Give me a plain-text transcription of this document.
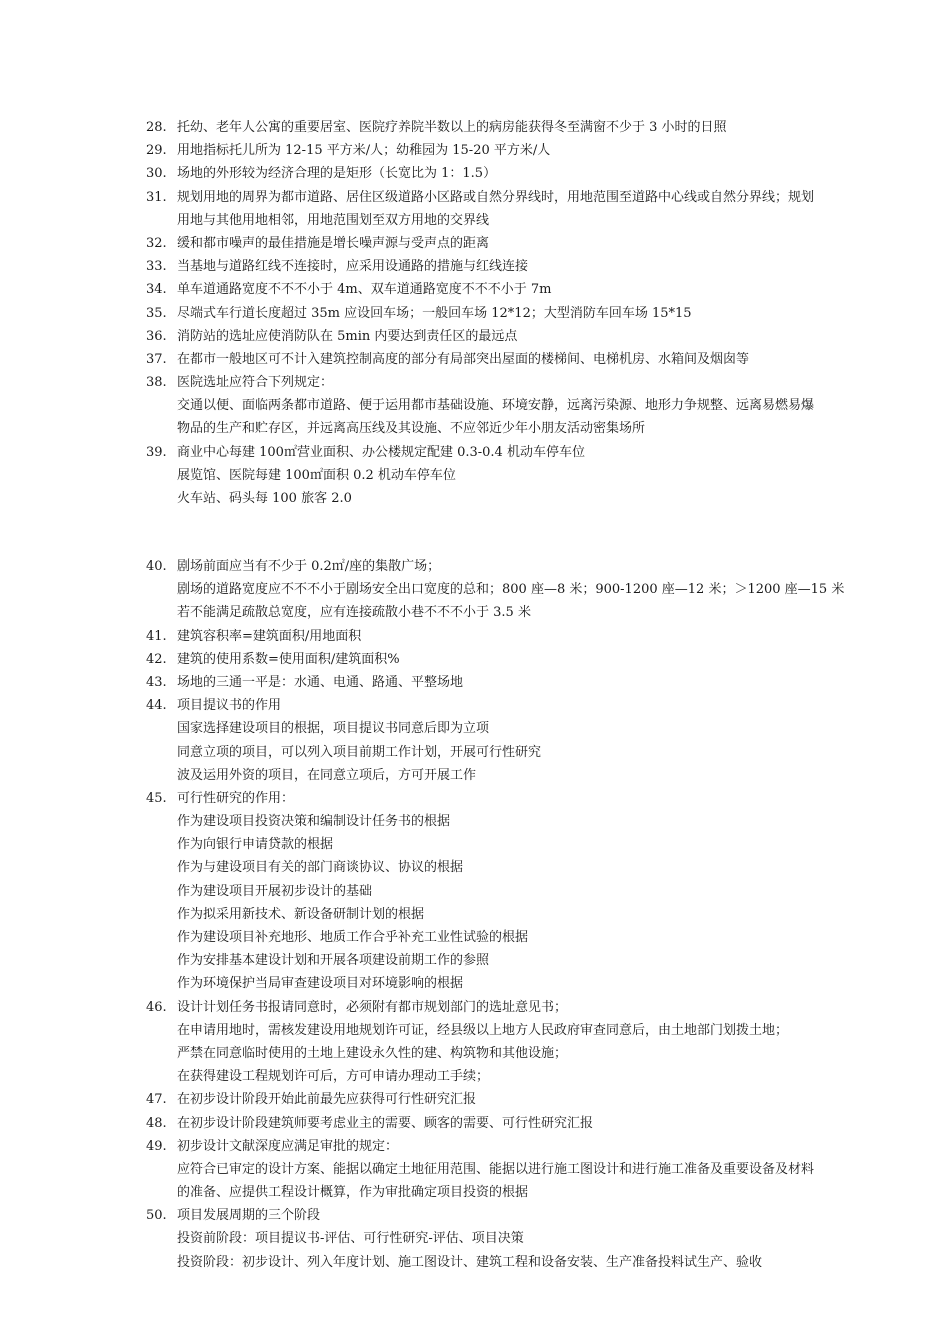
28. 托幼、老年人公寓的重要居室、医院疗养院半数以上的病房能获得冬至满窗不少于 3 小时的日照
29. 用地指标托儿所为 12-15 平方米/人；幼稚园为 15-20 平方米/人
30. 场地的外形较为经济合理的是矩形（长宽比为 1：1.5）
31. 规划用地的周界为都市道路、居住区级道路小区路或自然分界线时，用地范围至道路中心线或自然分界线；规划
用地与其他用地相邻，用地范围划至双方用地的交界线
32. 缓和都市噪声的最佳措施是增长噪声源与受声点的距离
33. 当基地与道路红线不连接时，应采用设通路的措施与红线连接
34. 单车道通路宽度不不不小于 4m、双车道通路宽度不不不小于 7m
35. 尽端式车行道长度超过 35m 应设回车场；一般回车场 12*12；大型消防车回车场 15*15
36. 消防站的选址应使消防队在 5min 内要达到责任区的最远点
37. 在都市一般地区可不计入建筑控制高度的部分有局部突出屋面的楼梯间、电梯机房、水箱间及烟囱等
38. 医院选址应符合下列规定：
交通以便、面临两条都市道路、便于运用都市基础设施、环境安静，远离污染源、地形力争规整、远离易燃易爆
物品的生产和贮存区，并远离高压线及其设施、不应邻近少年小朋友活动密集场所
39. 商业中心每建 100㎡营业面积、办公楼规定配建 0.3-0.4 机动车停车位
展览馆、医院每建 100㎡面积 0.2 机动车停车位
火车站、码头每 100 旅客 2.0
40. 剧场前面应当有不少于 0.2㎡/座的集散广场；
剧场的道路宽度应不不不小于剧场安全出口宽度的总和；800 座—8 米；900-1200 座—12 米；＞1200 座—15 米
若不能满足疏散总宽度，应有连接疏散小巷不不不小于 3.5 米
41. 建筑容积率=建筑面积/用地面积
42. 建筑的使用系数=使用面积/建筑面积%
43. 场地的三通一平是：水通、电通、路通、平整场地
44. 项目提议书的作用
国家选择建设项目的根据，项目提议书同意后即为立项
同意立项的项目，可以列入项目前期工作计划，开展可行性研究
波及运用外资的项目，在同意立项后，方可开展工作
45. 可行性研究的作用：
作为建设项目投资决策和编制设计任务书的根据
作为向银行申请贷款的根据
作为与建设项目有关的部门商谈协议、协议的根据
作为建设项目开展初步设计的基础
作为拟采用新技术、新设备研制计划的根据
作为建设项目补充地形、地质工作合乎补充工业性试验的根据
作为安排基本建设计划和开展各项建设前期工作的参照
作为环境保护当局审查建设项目对环境影响的根据
46. 设计计划任务书报请同意时，必须附有都市规划部门的选址意见书；
在申请用地时，需核发建设用地规划许可证，经县级以上地方人民政府审查同意后，由土地部门划拨土地；
严禁在同意临时使用的土地上建设永久性的建、构筑物和其他设施；
在获得建设工程规划许可后，方可申请办理动工手续；
47. 在初步设计阶段开始此前最先应获得可行性研究汇报
48. 在初步设计阶段建筑师要考虑业主的需要、顾客的需要、可行性研究汇报
49. 初步设计文献深度应满足审批的规定：
应符合已审定的设计方案、能据以确定土地征用范围、能据以进行施工图设计和进行施工准备及重要设备及材料
的准备、应提供工程设计概算，作为审批确定项目投资的根据
50. 项目发展周期的三个阶段
投资前阶段：项目提议书-评估、可行性研究-评估、项目决策
投资阶段：初步设计、列入年度计划、施工图设计、建筑工程和设备安装、生产准备投料试生产、验收
